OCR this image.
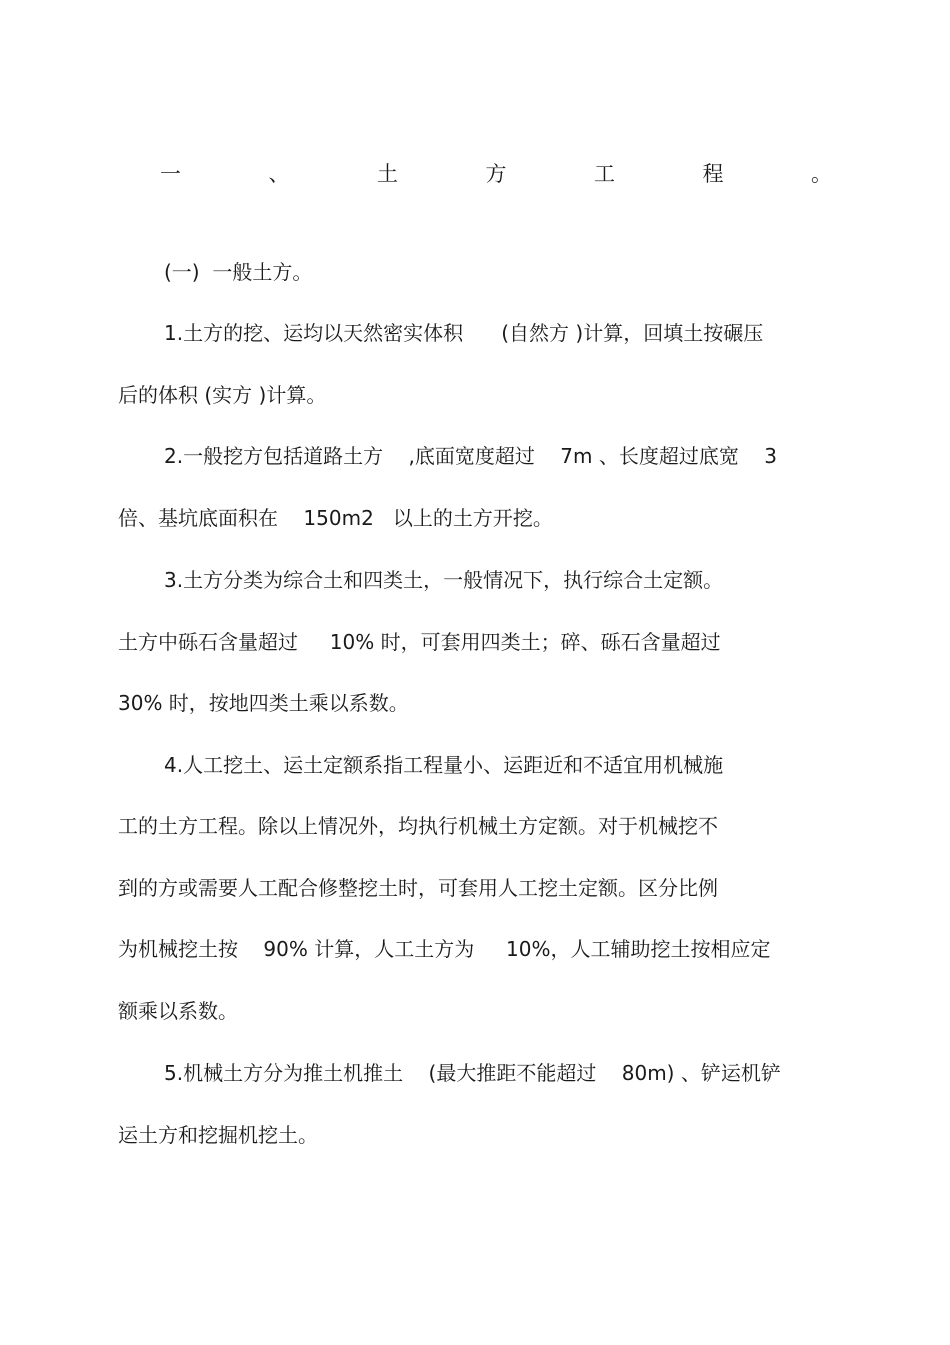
一	、	土	方	工	程	。
(一)  一般土方。
1.土方的挖、运均以天然密实体积      (自然方 )计算，回填土按碾压
后的体积 (实方 )计算。
2.一般挖方包括道路土方    ,底面宽度超过    7m 、长度超过底宽    3
倍、基坑底面积在    150m2   以上的土方开挖。
3.土方分类为综合土和四类土，一般情况下，执行综合土定额。
土方中砾石含量超过     10% 时，可套用四类土；碎、砾石含量超过
30% 时，按地四类土乘以系数。
4.人工挖土、运土定额系指工程量小、运距近和不适宜用机械施
工的土方工程。除以上情况外，均执行机械土方定额。对于机械挖不
到的方或需要人工配合修整挖土时，可套用人工挖土定额。区分比例
为机械挖土按    90% 计算，人工土方为     10%，人工辅助挖土按相应定
额乘以系数。
5.机械土方分为推土机推土    (最大推距不能超过    80m) 、铲运机铲
运土方和挖掘机挖土。
